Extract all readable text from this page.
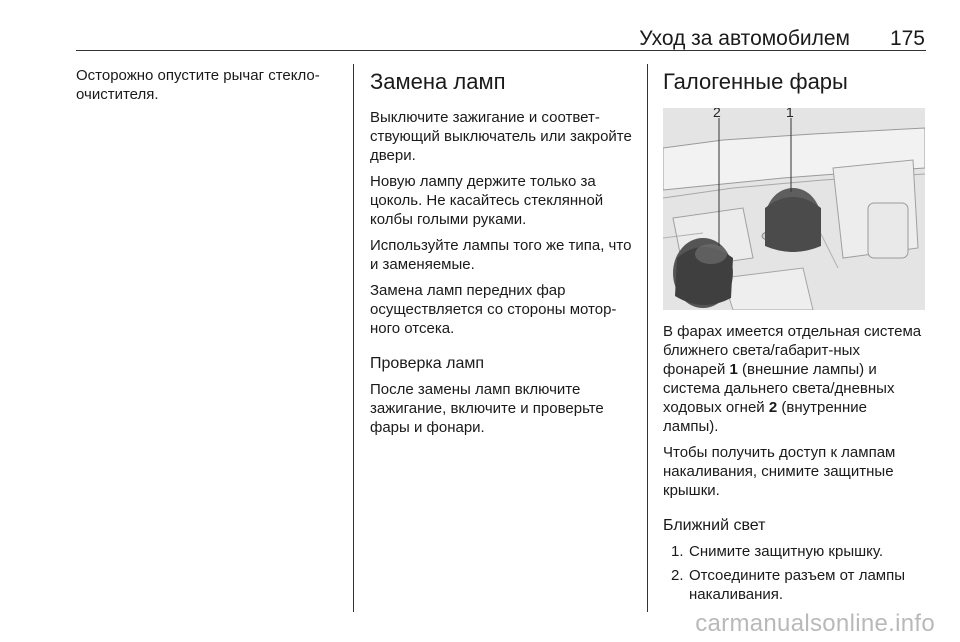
Уход за автомобилем	175

Осторожно опустите рычаг стекло-очистителя.

Замена ламп

Выключите зажигание и соответ-ствующий выключатель или закройте двери.

Новую лампу держите только за цоколь. Не касайтесь стеклянной колбы голыми руками.

Используйте лампы того же типа, что и заменяемые.

Замена ламп передних фар осуществляется со стороны мотор-ного отсека.

Проверка ламп

После замены ламп включите зажигание, включите и проверьте фары и фонари.

Галогенные фары
2	1

В фарах имеется отдельная система ближнего света/габарит-ных фонарей 1 (внешние лампы) и система дальнего света/дневных ходовых огней 2 (внутренние лампы).

Чтобы получить доступ к лампам накаливания, снимите защитные крышки.

Ближний свет
1. Снимите защитную крышку.
2. Отсоедините разъем от лампы накаливания.
carmanualsonline.info
